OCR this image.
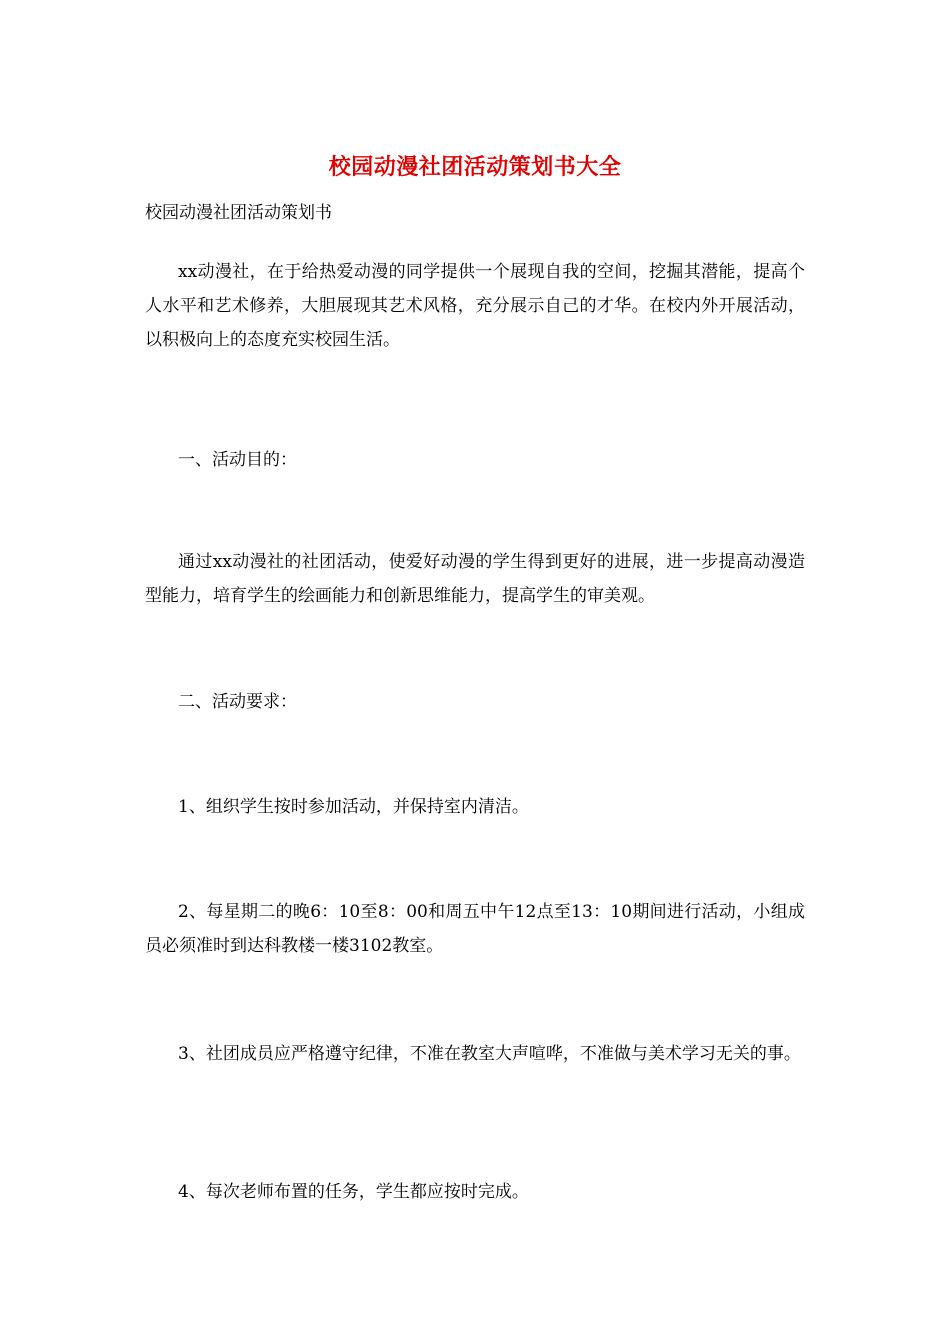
校园动漫社团活动策划书大全
校园动漫社团活动策划书

xx动漫社，在于给热爱动漫的同学提供一个展现自我的空间，挖掘其潜能，提高个人水平和艺术修养，大胆展现其艺术风格，充分展示自己的才华。在校内外开展活动，以积极向上的态度充实校园生活。

一、活动目的：

通过xx动漫社的社团活动，使爱好动漫的学生得到更好的进展，进一步提高动漫造型能力，培育学生的绘画能力和创新思维能力，提高学生的审美观。

二、活动要求：

1、组织学生按时参加活动，并保持室内清洁。

2、每星期二的晚6：10至8：00和周五中午12点至13：10期间进行活动，小组成员必须准时到达科教楼一楼3102教室。

3、社团成员应严格遵守纪律，不准在教室大声喧哗，不准做与美术学习无关的事。

4、每次老师布置的任务，学生都应按时完成。
